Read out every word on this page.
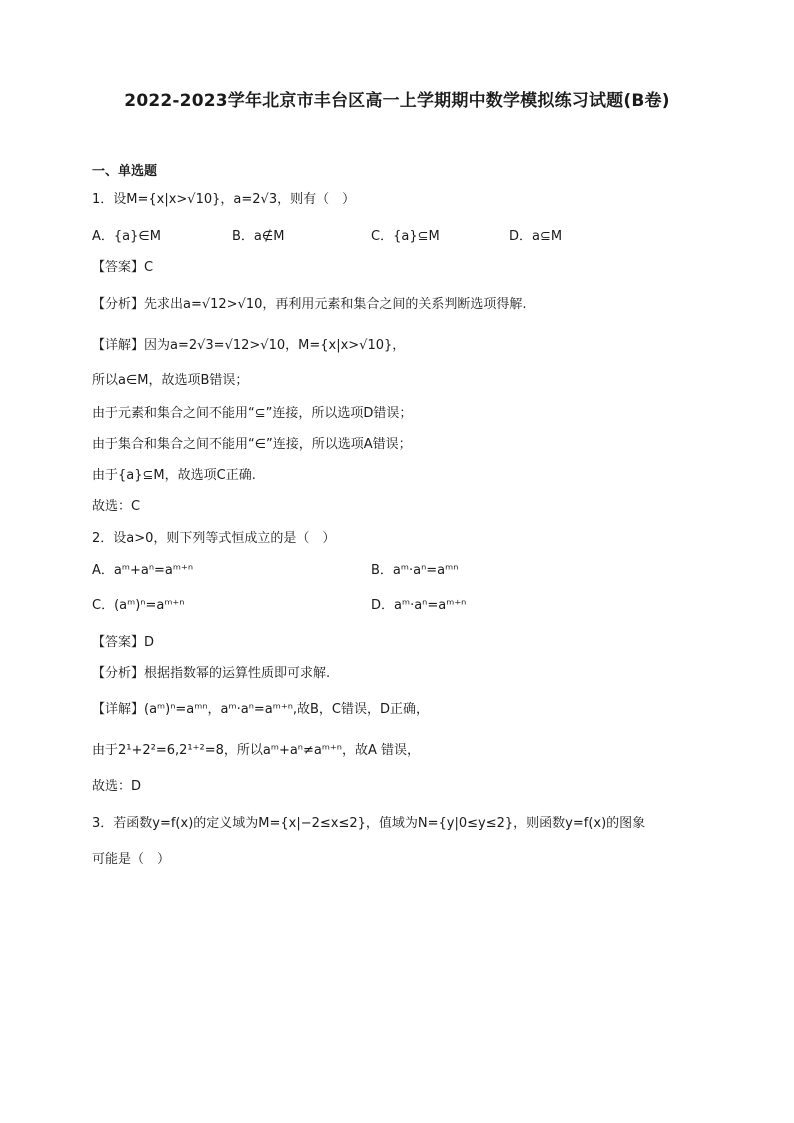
2022-2023学年北京市丰台区高一上学期期中数学模拟练习试题(B卷)
一、单选题
1．设M={x|x>√10}，a=2√3，则有（　）
A．{a}∈M	B．a∉M	C．{a}⊆M	D．a⊆M
【答案】C
【分析】先求出a=√12>√10，再利用元素和集合之间的关系判断选项得解.
【详解】因为a=2√3=√12>√10，M={x|x>√10}，
所以a∈M，故选项B错误；
由于元素和集合之间不能用“⊆”连接，所以选项D错误；
由于集合和集合之间不能用“∈”连接，所以选项A错误；
由于{a}⊆M，故选项C正确.
故选：C
2．设a>0，则下列等式恒成立的是（　）
A．aᵐ+aⁿ=aᵐ⁺ⁿ	B．aᵐ·aⁿ=aᵐⁿ
C．(aᵐ)ⁿ=aᵐ⁺ⁿ	D．aᵐ·aⁿ=aᵐ⁺ⁿ
【答案】D
【分析】根据指数幂的运算性质即可求解.
【详解】(aᵐ)ⁿ=aᵐⁿ，aᵐ·aⁿ=aᵐ⁺ⁿ,故B，C错误，D正确，
由于2¹+2²=6,2¹⁺²=8，所以aᵐ+aⁿ≠aᵐ⁺ⁿ，故A 错误，
故选：D
3．若函数y=f(x)的定义域为M={x|−2≤x≤2}，值域为N={y|0≤y≤2}，则函数y=f(x)的图象
可能是（　）
